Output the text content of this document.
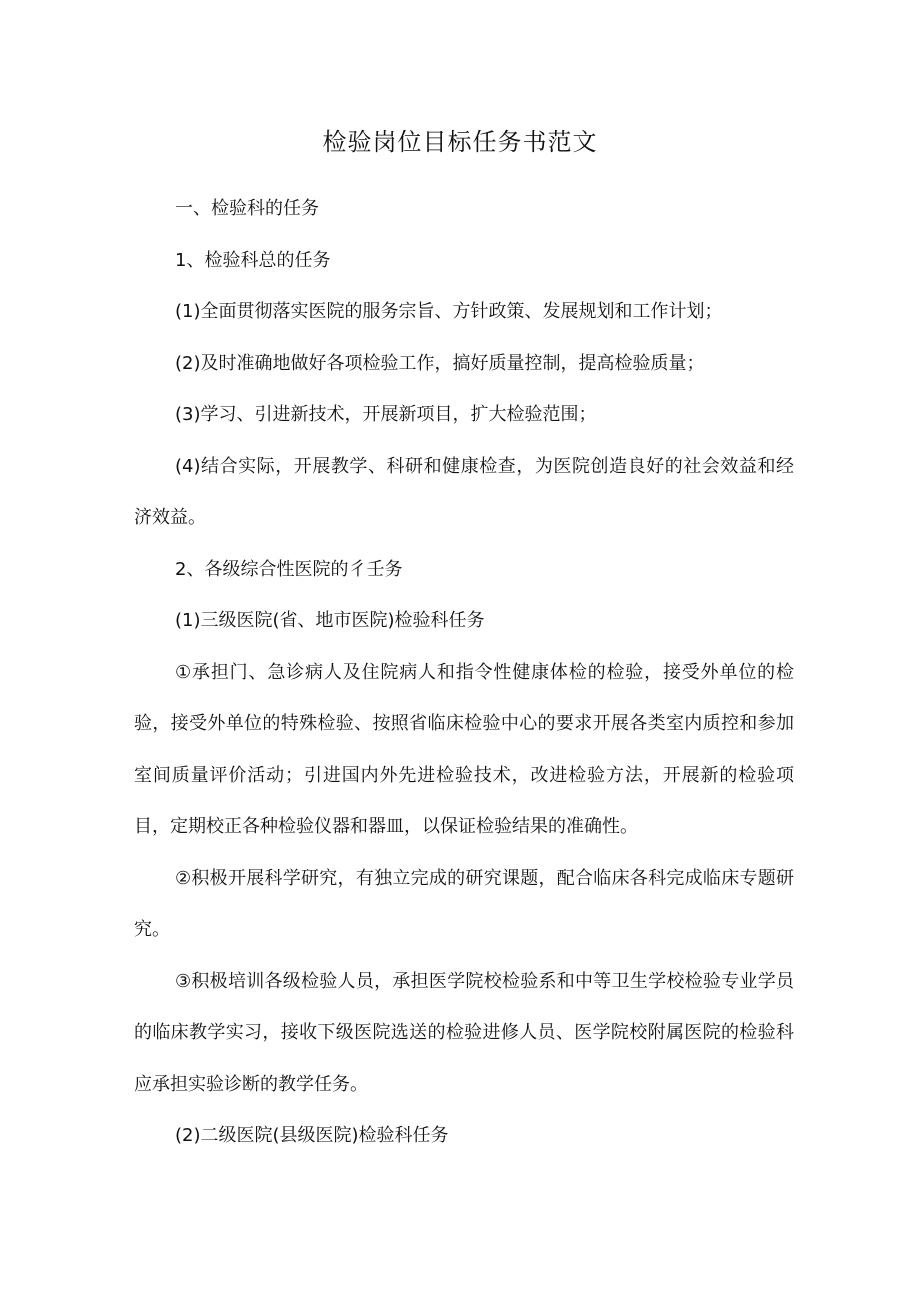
检验岗位目标任务书范文

一、检验科的任务

1、检验科总的任务

(1)全面贯彻落实医院的服务宗旨、方针政策、发展规划和工作计划；

(2)及时准确地做好各项检验工作，搞好质量控制，提高检验质量；

(3)学习、引进新技术，开展新项目，扩大检验范围；

(4)结合实际，开展教学、科研和健康检查，为医院创造良好的社会效益和经济效益。

2、各级综合性医院的彳壬务

(1)三级医院(省、地市医院)检验科任务

①承担门、急诊病人及住院病人和指令性健康体检的检验，接受外单位的检验，接受外单位的特殊检验、按照省临床检验中心的要求开展各类室内质控和参加室间质量评价活动；引进国内外先进检验技术，改进检验方法，开展新的检验项目，定期校正各种检验仪器和器皿，以保证检验结果的准确性。

②积极开展科学研究，有独立完成的研究课题，配合临床各科完成临床专题研究。

③积极培训各级检验人员，承担医学院校检验系和中等卫生学校检验专业学员的临床教学实习，接收下级医院选送的检验进修人员、医学院校附属医院的检验科应承担实验诊断的教学任务。

(2)二级医院(县级医院)检验科任务
